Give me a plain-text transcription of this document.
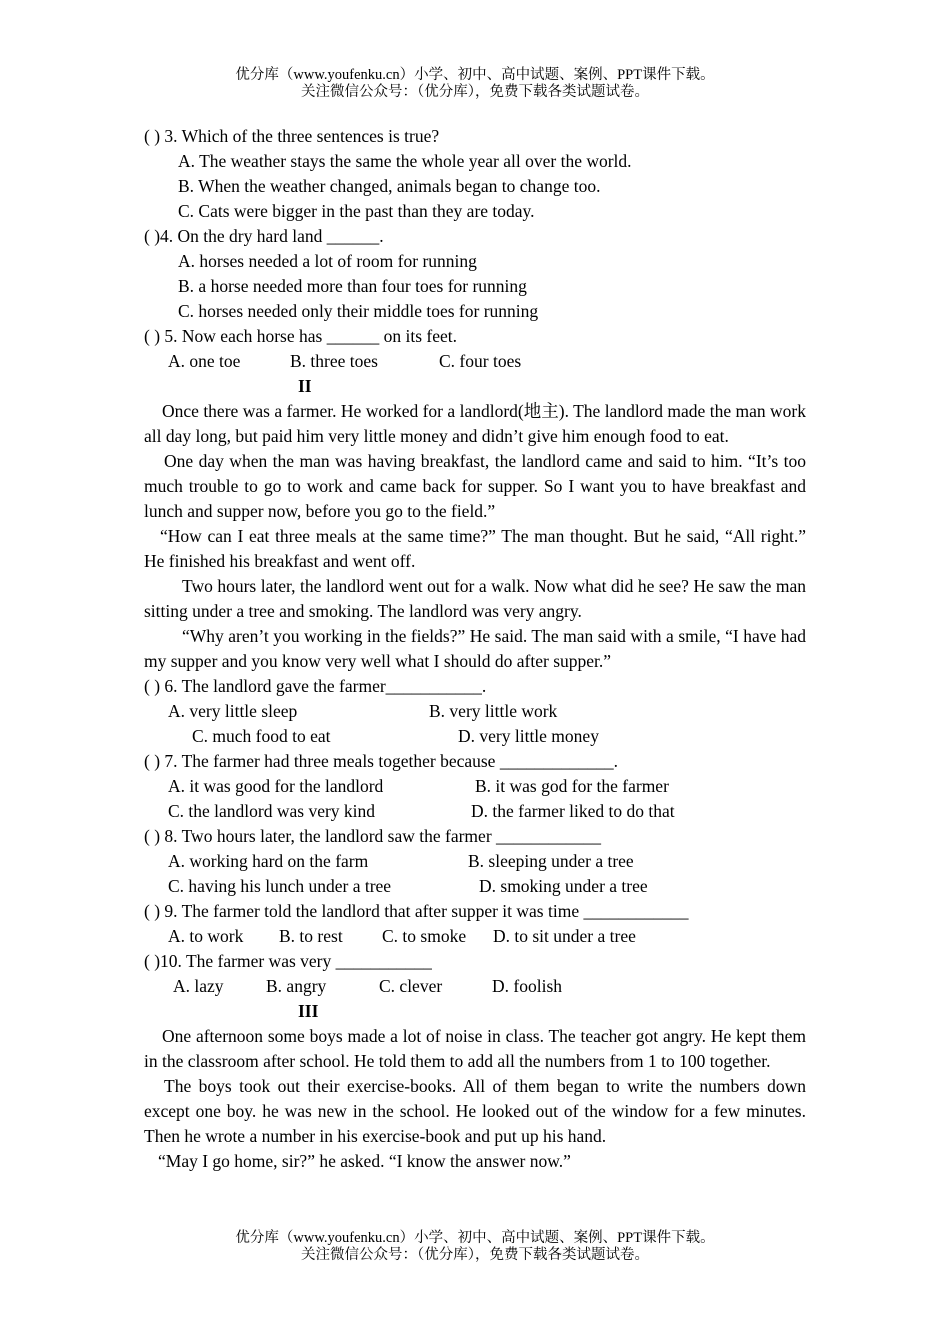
优分库（www.youfenku.cn）小学、初中、高中试题、案例、PPT课件下载。
关注微信公众号：（优分库），免费下载各类试题试卷。
( ) 3. Which of the three sentences is true?
A. The weather stays the same the whole year all over the world.
B. When the weather changed, animals began to change too.
C. Cats were bigger in the past than they are today.
( )4. On the dry hard land ______.
A. horses needed a lot of room for running
B. a horse needed more than four toes for running
C. horses needed only their middle toes for running
( ) 5. Now each horse has ______ on its feet.
A. one toe	B. three toes	C. four toes
II

Once there was a farmer. He worked for a landlord(地主). The landlord made the man work all day long, but paid him very little money and didn’t give him enough food to eat.

One day when the man was having breakfast, the landlord came and said to him. “It’s too much trouble to go to work and came back for supper. So I want you to have breakfast and lunch and supper now, before you go to the field.”

“How can I eat three meals at the same time?” The man thought. But he said, “All right.” He finished his breakfast and went off.

Two hours later, the landlord went out for a walk. Now what did he see? He saw the man sitting under a tree and smoking. The landlord was very angry.

“Why aren’t you working in the fields?” He said. The man said with a smile, “I have had my supper and you know very well what I should do after supper.”

( ) 6. The landlord gave the farmer___________.
A. very little sleep	B. very little work
C. much food to eat	D. very little money
( ) 7. The farmer had three meals together because _____________.
A. it was good for the landlord	B. it was god for the farmer
C. the landlord was very kind	D. the farmer liked to do that
( ) 8. Two hours later, the landlord saw the farmer ____________
A. working hard on the farm	B. sleeping under a tree
C. having his lunch under a tree	D. smoking under a tree
( ) 9. The farmer told the landlord that after supper it was time ____________
A. to work B. to rest C. to smoke D. to sit under a tree
( )10. The farmer was very ___________
A. lazy B. angry	C. clever	D. foolish
III

One afternoon some boys made a lot of noise in class. The teacher got angry. He kept them in the classroom after school. He told them to add all the numbers from 1 to 100 together.

The boys took out their exercise-books. All of them began to write the numbers down except one boy. he was new in the school. He looked out of the window for a few minutes. Then he wrote a number in his exercise-book and put up his hand.

“May I go home, sir?” he asked. “I know the answer now.”

优分库（www.youfenku.cn）小学、初中、高中试题、案例、PPT课件下载。
关注微信公众号：（优分库），免费下载各类试题试卷。
